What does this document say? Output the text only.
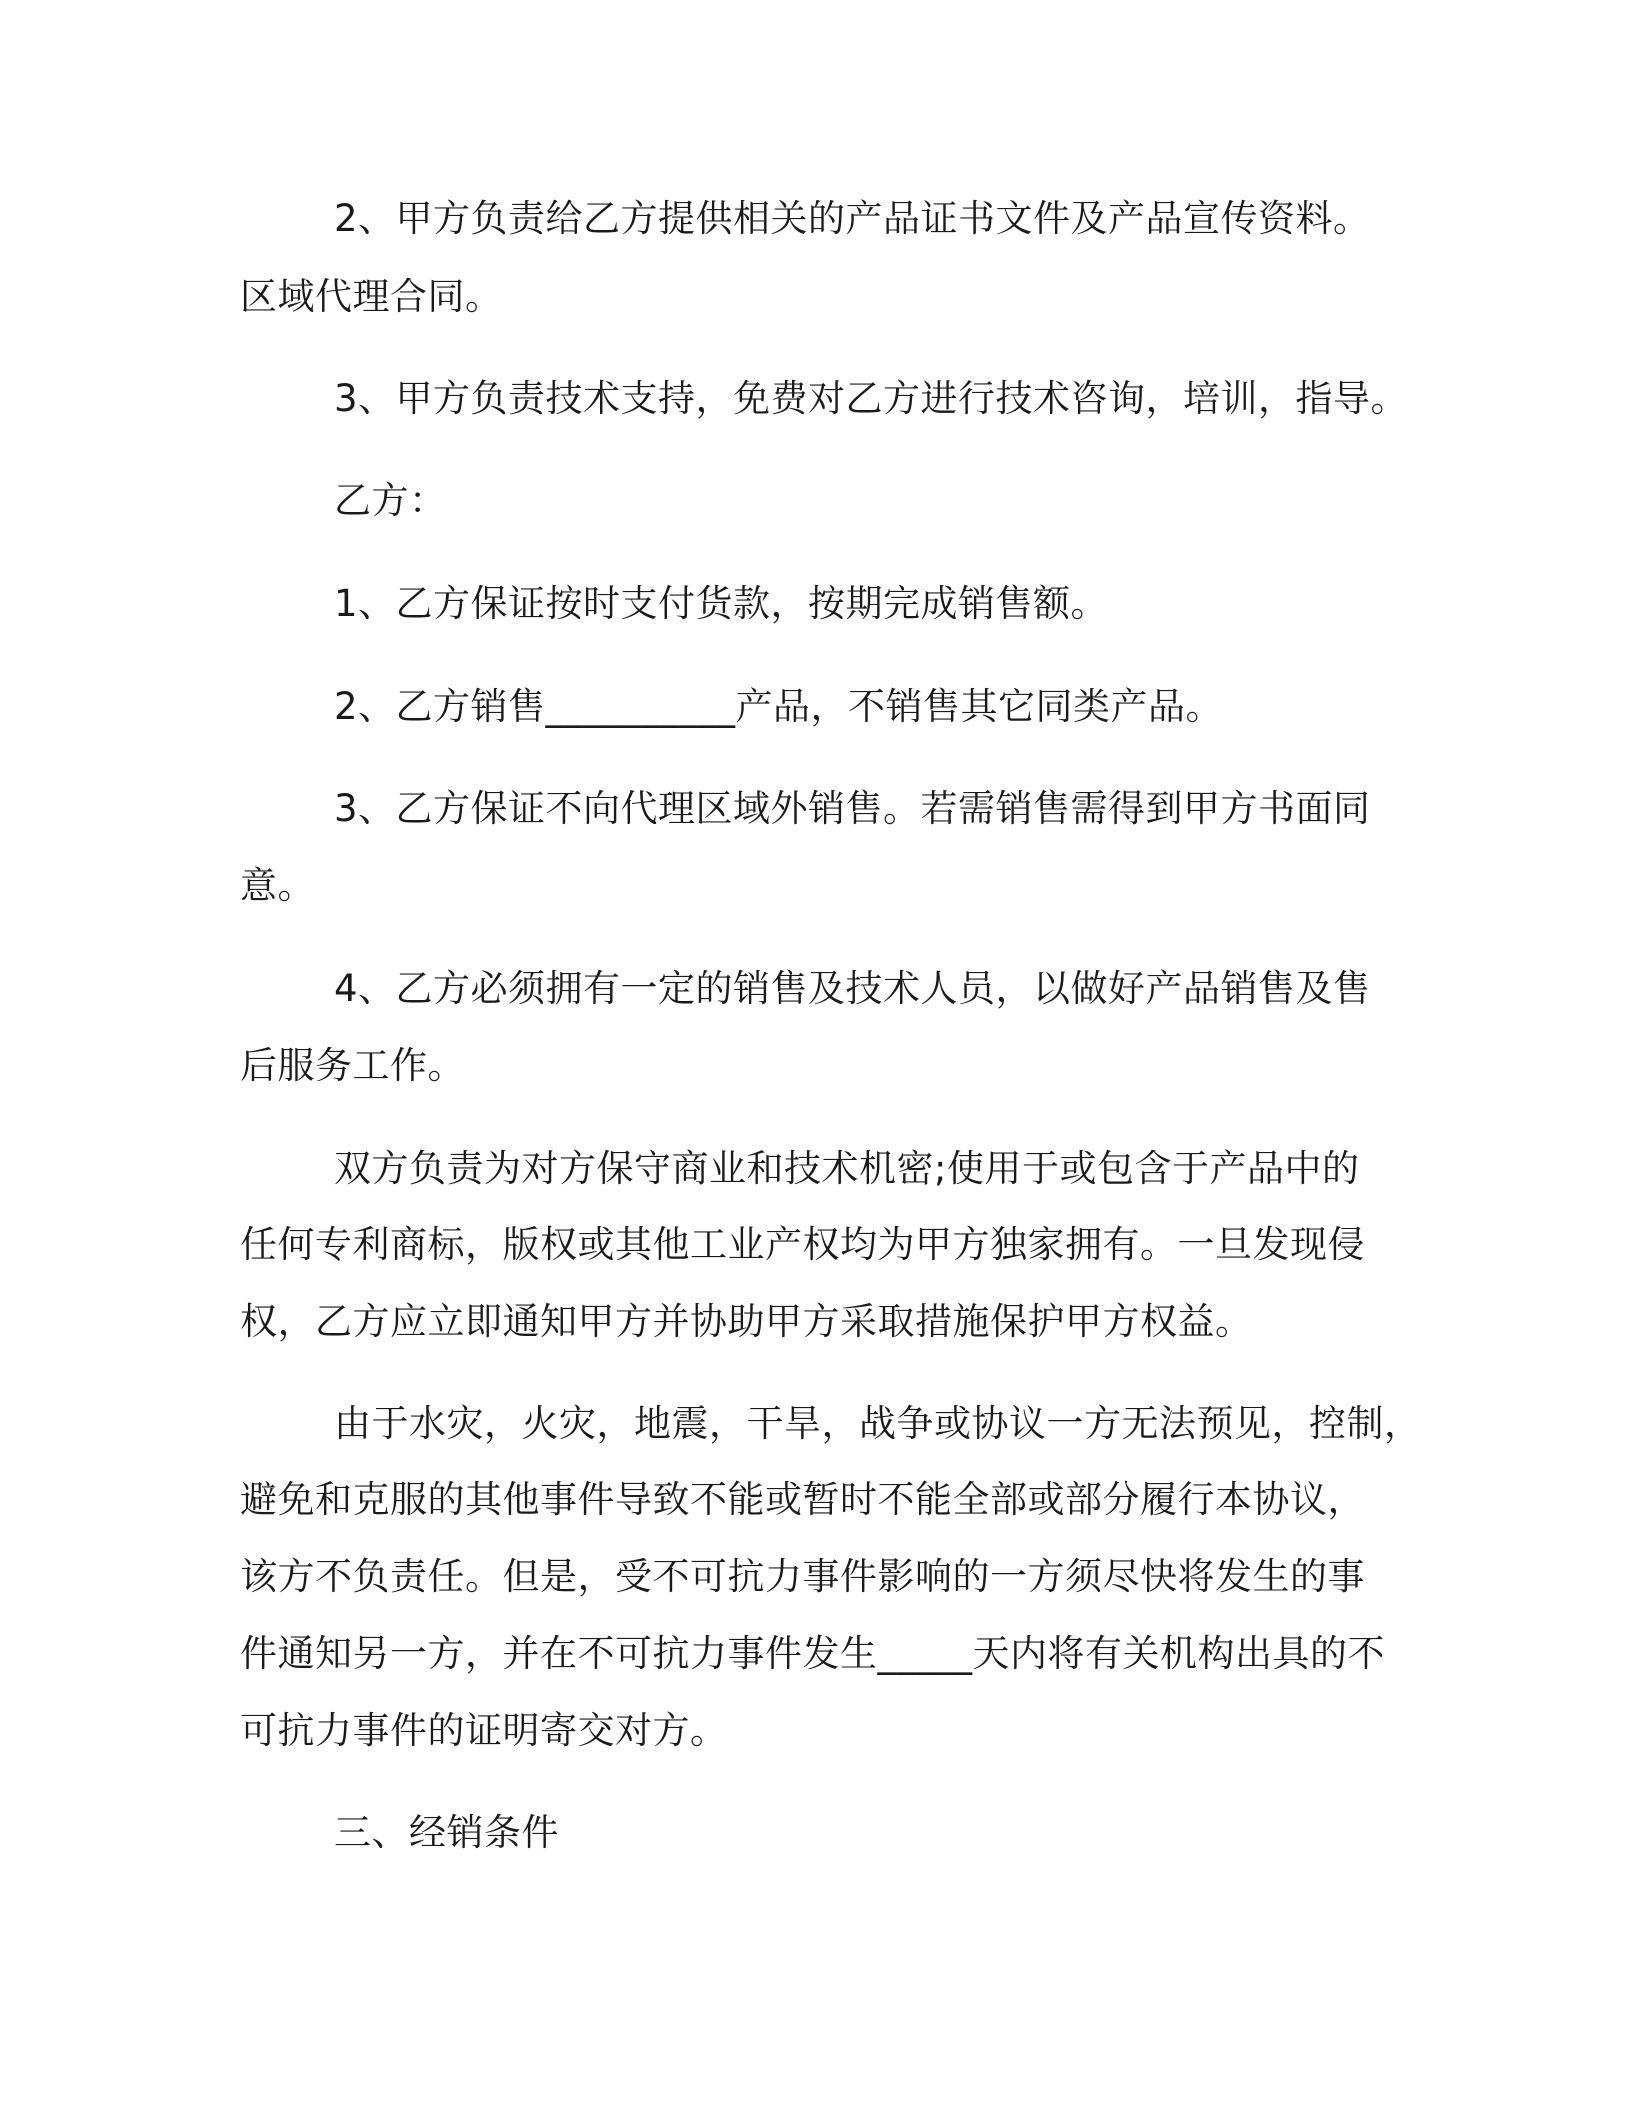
2、甲方负责给乙方提供相关的产品证书文件及产品宣传资料。
区域代理合同。
3、甲方负责技术支持，免费对乙方进行技术咨询，培训，指导。
乙方：
1、乙方保证按时支付货款，按期完成销售额。
2、乙方销售__________产品，不销售其它同类产品。
3、乙方保证不向代理区域外销售。若需销售需得到甲方书面同
意。
4、乙方必须拥有一定的销售及技术人员，以做好产品销售及售
后服务工作。
双方负责为对方保守商业和技术机密;使用于或包含于产品中的
任何专利商标，版权或其他工业产权均为甲方独家拥有。一旦发现侵
权，乙方应立即通知甲方并协助甲方采取措施保护甲方权益。
由于水灾，火灾，地震，干旱，战争或协议一方无法预见，控制，
避免和克服的其他事件导致不能或暂时不能全部或部分履行本协议，
该方不负责任。但是，受不可抗力事件影响的一方须尽快将发生的事
件通知另一方，并在不可抗力事件发生_____天内将有关机构出具的不
可抗力事件的证明寄交对方。
三、经销条件
